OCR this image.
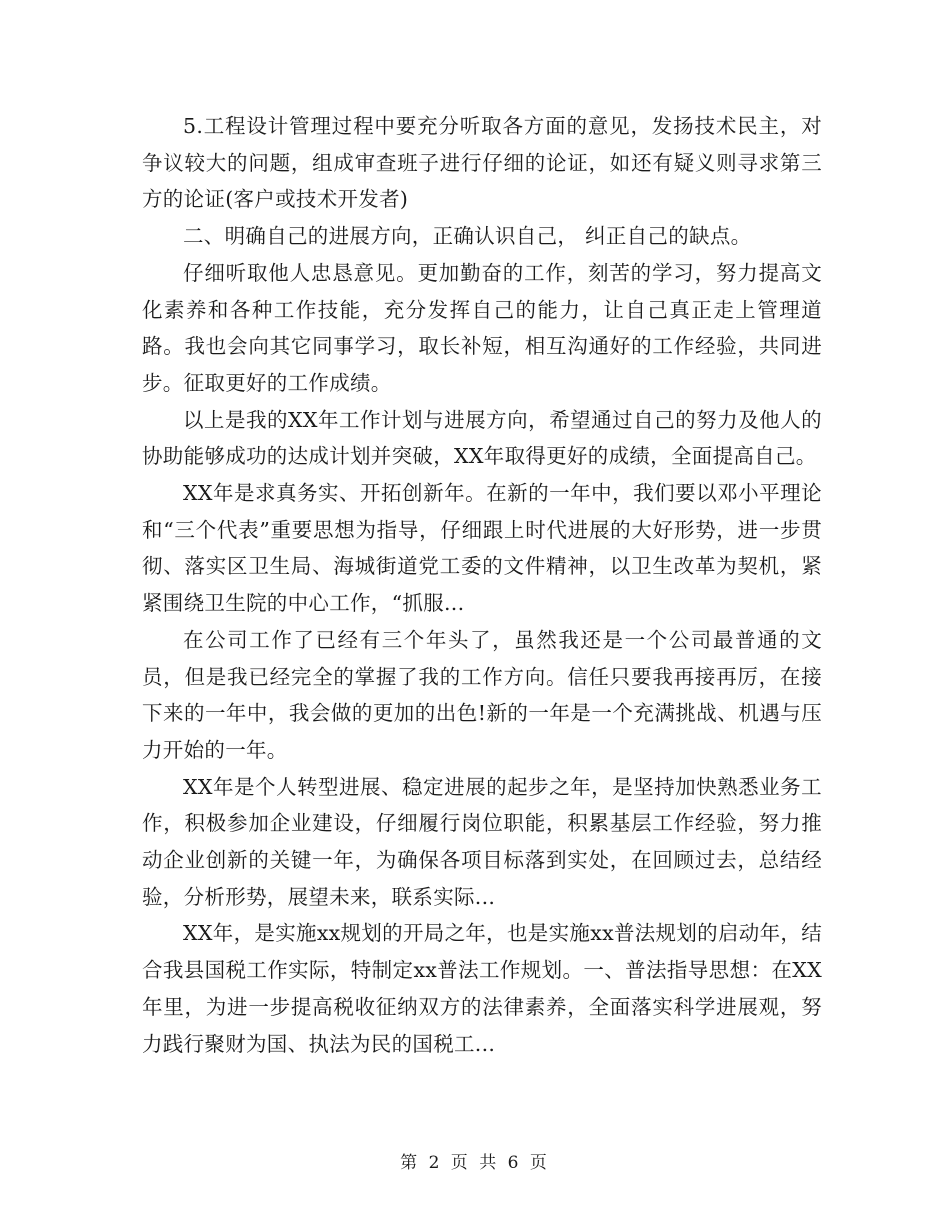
5.工程设计管理过程中要充分听取各方面的意见，发扬技术民主，对争议较大的问题，组成审查班子进行仔细的论证，如还有疑义则寻求第三方的论证(客户或技术开发者)

二、明确自己的进展方向，正确认识自己， 纠正自己的缺点。

仔细听取他人忠恳意见。更加勤奋的工作，刻苦的学习，努力提高文化素养和各种工作技能，充分发挥自己的能力，让自己真正走上管理道路。我也会向其它同事学习，取长补短，相互沟通好的工作经验，共同进步。征取更好的工作成绩。

以上是我的XX年工作计划与进展方向，希望通过自己的努力及他人的协助能够成功的达成计划并突破，XX年取得更好的成绩，全面提高自己。

XX年是求真务实、开拓创新年。在新的一年中，我们要以邓小平理论和“三个代表”重要思想为指导，仔细跟上时代进展的大好形势，进一步贯彻、落实区卫生局、海城街道党工委的文件精神，以卫生改革为契机，紧紧围绕卫生院的中心工作，“抓服...

在公司工作了已经有三个年头了，虽然我还是一个公司最普通的文员，但是我已经完全的掌握了我的工作方向。信任只要我再接再厉，在接下来的一年中，我会做的更加的出色!新的一年是一个充满挑战、机遇与压力开始的一年。

XX年是个人转型进展、稳定进展的起步之年，是坚持加快熟悉业务工作，积极参加企业建设，仔细履行岗位职能，积累基层工作经验，努力推动企业创新的关键一年，为确保各项目标落到实处，在回顾过去，总结经验，分析形势，展望未来，联系实际...

XX年，是实施xx规划的开局之年，也是实施xx普法规划的启动年，结合我县国税工作实际，特制定xx普法工作规划。一、普法指导思想：在XX年里，为进一步提高税收征纳双方的法律素养，全面落实科学进展观，努力践行聚财为国、执法为民的国税工...

第 2 页 共 6 页
